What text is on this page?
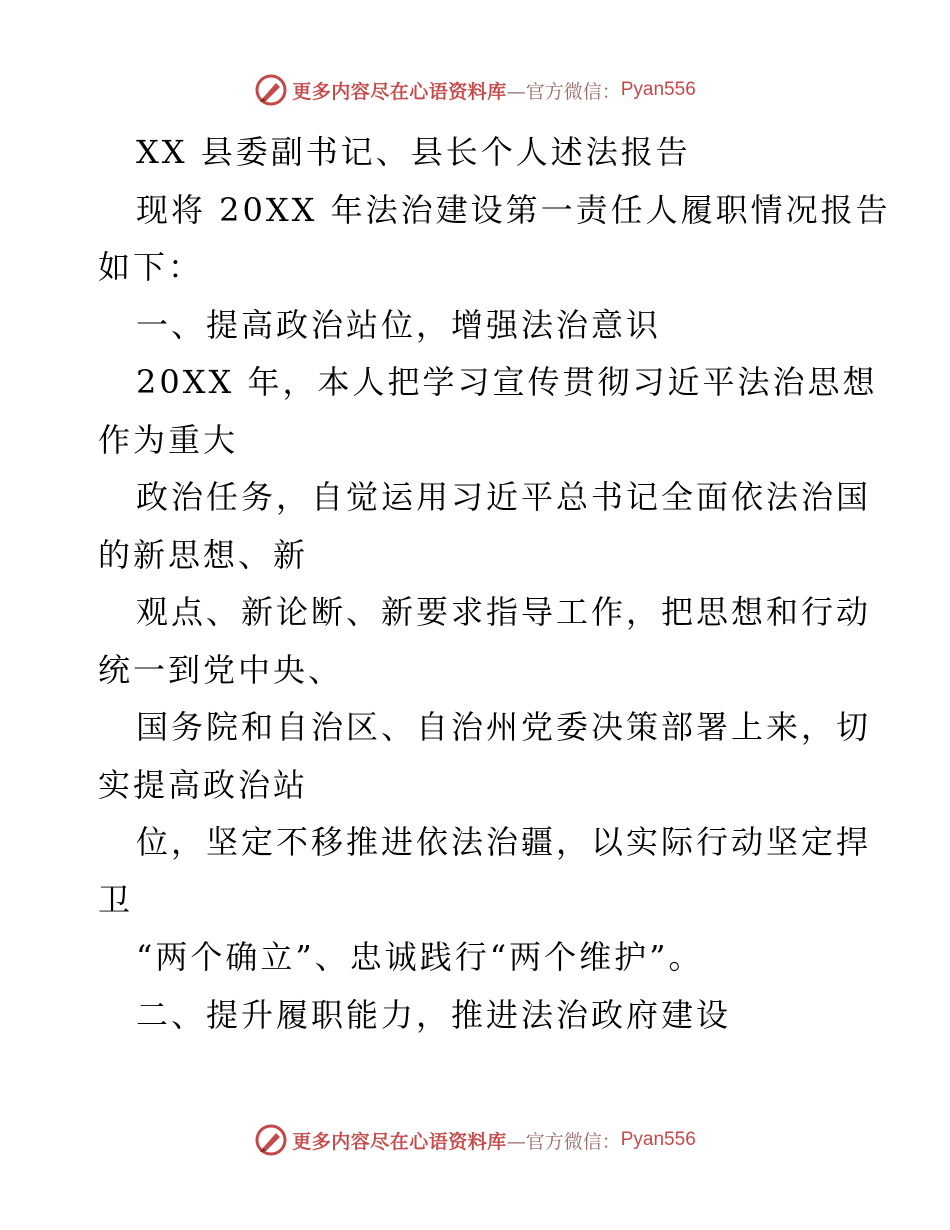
更多内容尽在心语资料库 —官方微信： Pyan556
XX 县委副书记、县长个人述法报告
现将 20XX 年法治建设第一责任人履职情况报告
如下：
一、提高政治站位，增强法治意识
20XX 年，本人把学习宣传贯彻习近平法治思想
作为重大
政治任务，自觉运用习近平总书记全面依法治国
的新思想、新
观点、新论断、新要求指导工作，把思想和行动
统一到党中央、
国务院和自治区、自治州党委决策部署上来，切
实提高政治站
位，坚定不移推进依法治疆，以实际行动坚定捍
卫
“两个确立”、忠诚践行“两个维护”。
二、提升履职能力，推进法治政府建设
更多内容尽在心语资料库 —官方微信： Pyan556
